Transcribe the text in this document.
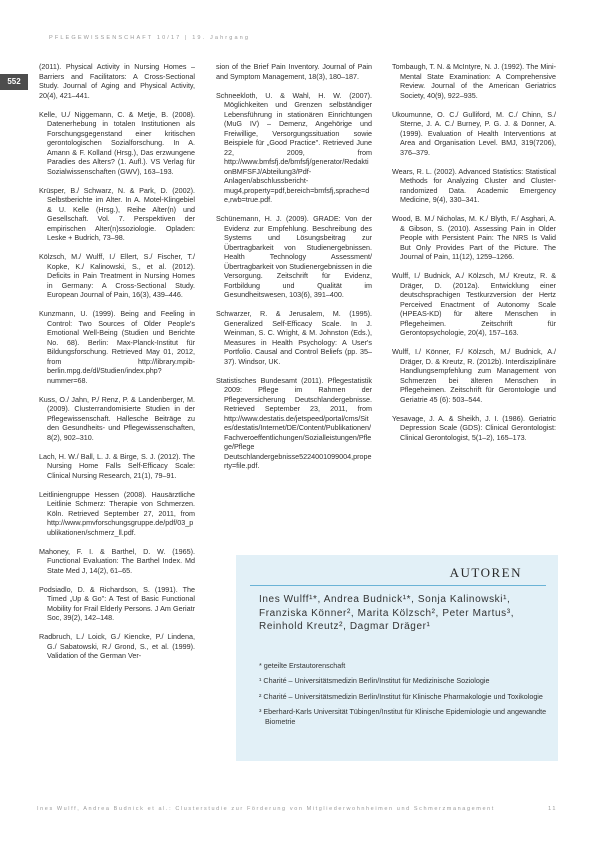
PFLEGEWISSENSCHAFT 10/17 | 19. Jahrgang
552

(2011). Physical Activity in Nursing Homes – Barriers and Facilitators: A Cross-Sectional Study. Journal of Aging and Physical Activity, 20(4), 421–441.

Kelle, U./ Niggemann, C. & Metje, B. (2008). Datenerhebung in totalen Institutionen als Forschungsgegenstand einer kritischen gerontologischen Sozialforschung. In A. Amann & F. Kolland (Hrsg.), Das erzwungene Paradies des Alters? (1. Aufl.). VS Verlag für Sozialwissenschaften (GWV), 163–193.

Krüsper, B./ Schwarz, N. & Park, D. (2002). Selbstberichte im Alter. In A. Motel-Klingebiel & U. Kelle (Hrsg.), Reihe Alter(n) und Gesellschaft. Vol. 7. Perspektiven der empirischen Alter(n)ssoziologie. Opladen: Leske + Budrich, 73–98.

Kölzsch, M./ Wulff, I./ Ellert, S./ Fischer, T./ Kopke, K./ Kalinowski, S., et al. (2012). Deficits in Pain Treatment in Nursing Homes in Germany: A Cross-Sectional Study. European Journal of Pain, 16(3), 439–446.

Kunzmann, U. (1999). Being and Feeling in Control: Two Sources of Older People's Emotional Well-Being (Studien und Berichte No. 68). Berlin: Max-Planck-Institut für Bildungsforschung. Retrieved May 01, 2012, from http://library.mpib-berlin.mpg.de/dl/Studien/index.php?nummer=68.

Kuss, O./ Jahn, P./ Renz, P. & Landenberger, M. (2009). Clusterrandomisierte Studien in der Pflegewissenschaft. Hallesche Beiträge zu den Gesundheits- und Pflegewissenschaften, 8(2), 902–310.

Lach, H. W./ Ball, L. J. & Birge, S. J. (2012). The Nursing Home Falls Self-Efficacy Scale: Clinical Nursing Research, 21(1), 79–91.

Leitliniengruppe Hessen (2008). Hausärztliche Leitlinie Schmerz: Therapie von Schmerzen. Köln. Retrieved September 27, 2011, from http://www.pmvforschungsgruppe.de/pdf/03_publikationen/schmerz_ll.pdf.

Mahoney, F. I. & Barthel, D. W. (1965). Functional Evaluation: The Barthel Index. Md State Med J, 14(2), 61–65.

Podsiadlo, D. & Richardson, S. (1991). The Timed „Up & Go": A Test of Basic Functional Mobility for Frail Elderly Persons. J Am Geriatr Soc, 39(2), 142–148.

Radbruch, L./ Loick, G./ Kiencke, P./ Lindena, G./ Sabatowski, R./ Grond, S., et al. (1999). Validation of the German Ver-

sion of the Brief Pain Inventory. Journal of Pain and Symptom Management, 18(3), 180–187.

Schneekloth, U. & Wahl, H. W. (2007). Möglichkeiten und Grenzen selbständiger Lebensführung in stationären Einrichtungen (MuG IV) – Demenz, Angehörige und Freiwillige, Versorgungssituation sowie Beispiele für „Good Practice". Retrieved June 22, 2009, from http://www.bmfsfj.de/bmfsfj/generator/RedaktionBMFSFJ/Abteilung3/Pdf-Anlagen/abschlussbericht-mug4,property=pdf,bereich=bmfsfj,sprache=de,rwb=true.pdf.

Schünemann, H. J. (2009). GRADE: Von der Evidenz zur Empfehlung. Beschreibung des Systems und Lösungsbeitrag zur Übertragbarkeit von Studienergebnissen. Health Technology Assessment/ Übertragbarkeit von Studienergebnissen in die Versorgung. Zeitschrift für Evidenz, Fortbildung und Qualität im Gesundheitswesen, 103(6), 391–400.

Schwarzer, R. & Jerusalem, M. (1995). Generalized Self-Efficacy Scale. In J. Weinman, S. C. Wright, & M. Johnston (Eds.), Measures in Health Psychology: A User's Portfolio. Causal and Control Beliefs (pp. 35–37). Windsor, UK.

Statistisches Bundesamt (2011). Pflegestatistik 2009: Pflege im Rahmen der Pflegeversicherung Deutschlandergebnisse. Retrieved September 23, 2011, from http://www.destatis.de/jetspeed/portal/cms/Sites/destatis/Internet/DE/Content/Publikationen/Fachveroeffentlichungen/Sozialleistungen/Pflege/Pflege Deutschlandergebnisse5224001099004,property=file.pdf.

Tombaugh, T. N. & McIntyre, N. J. (1992). The Mini-Mental State Examination: A Comprehensive Review. Journal of the American Geriatrics Society, 40(9), 922–935.

Ukoumunne, O. C./ Gulliford, M. C./ Chinn, S./ Sterne, J. A. C./ Burney, P. G. J. & Donner, A. (1999). Evaluation of Health Interventions at Area and Organisation Level. BMJ, 319(7206), 376–379.

Wears, R. L. (2002). Advanced Statistics: Statistical Methods for Analyzing Cluster and Cluster-randomized Data. Academic Emergency Medicine, 9(4), 330–341.

Wood, B. M./ Nicholas, M. K./ Blyth, F./ Asghari, A. & Gibson, S. (2010). Assessing Pain in Older People with Persistent Pain: The NRS Is Valid But Only Provides Part of the Picture. The Journal of Pain, 11(12), 1259–1266.

Wulff, I./ Budnick, A./ Kölzsch, M./ Kreutz, R. & Dräger, D. (2012a). Entwicklung einer deutschsprachigen Testkurzversion der Hertz Perceived Enactment of Autonomy Scale (HPEAS-KD) für ältere Menschen in Pflegeheimen. Zeitschrift für Gerontopsychologie, 20(4), 157–163.

Wulff, I./ Könner, F./ Kölzsch, M./ Budnick, A./ Dräger, D. & Kreutz, R. (2012b). Interdisziplinäre Handlungsempfehlung zum Management von Schmerzen bei älteren Menschen in Pflegeheimen. Zeitschrift für Gerontologie und Geriatrie 45 (6): 503–544.

Yesavage, J. A. & Sheikh, J. I. (1986). Geriatric Depression Scale (GDS): Clinical Gerontologist: Clinical Gerontologist, 5(1–2), 165–173.

AUTOREN
Ines Wulff¹*, Andrea Budnick¹*, Sonja Kalinowski¹, Franziska Könner², Marita Kölzsch², Peter Martus³, Reinhold Kreutz², Dagmar Dräger¹

* geteilte Erstautorenschaft

¹ Charité – Universitätsmedizin Berlin/Institut für Medizinische Soziologie

² Charité – Universitätsmedizin Berlin/Institut für Klinische Pharmakologie und Toxikologie

³ Eberhard-Karls Universität Tübingen/Institut für Klinische Epidemiologie und angewandte Biometrie

Ines Wulff, Andrea Budnick et al.: Clusterstudie zur Förderung von Mitgliederwohnheimen und Schmerzmanagement	11
